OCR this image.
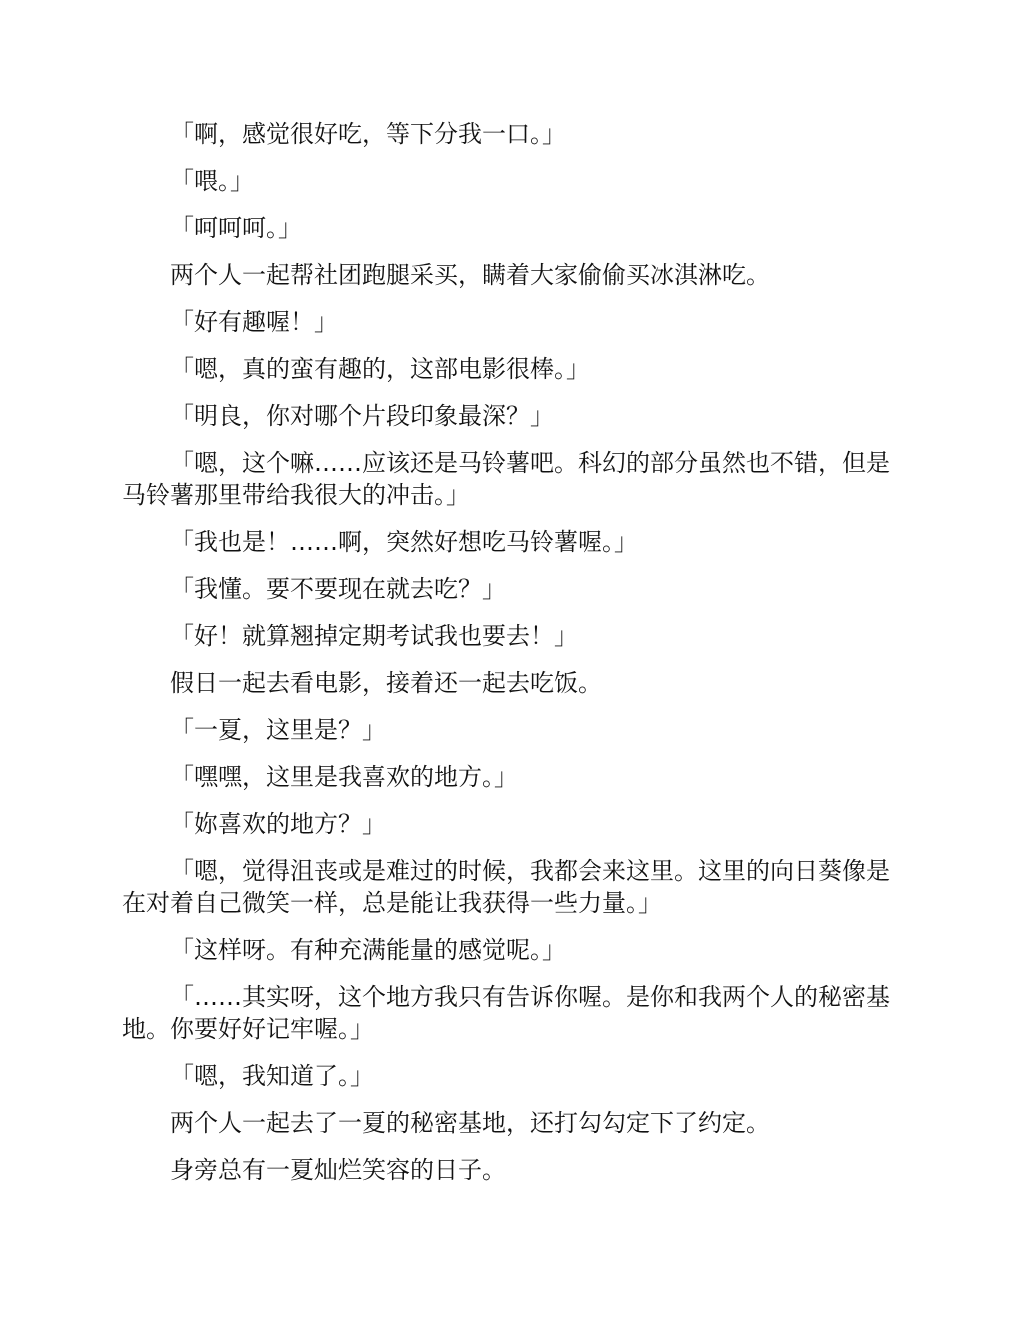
「啊，感觉很好吃，等下分我一口。」

「喂。」

「呵呵呵。」

两个人一起帮社团跑腿采买，瞒着大家偷偷买冰淇淋吃。

「好有趣喔！」

「嗯，真的蛮有趣的，这部电影很棒。」

「明良，你对哪个片段印象最深？」

「嗯，这个嘛……应该还是马铃薯吧。科幻的部分虽然也不错，但是马铃薯那里带给我很大的冲击。」

「我也是！……啊，突然好想吃马铃薯喔。」

「我懂。要不要现在就去吃？」

「好！就算翘掉定期考试我也要去！」

假日一起去看电影，接着还一起去吃饭。

「一夏，这里是？」

「嘿嘿，这里是我喜欢的地方。」

「妳喜欢的地方？」

「嗯，觉得沮丧或是难过的时候，我都会来这里。这里的向日葵像是在对着自己微笑一样，总是能让我获得一些力量。」

「这样呀。有种充满能量的感觉呢。」

「……其实呀，这个地方我只有告诉你喔。是你和我两个人的秘密基地。你要好好记牢喔。」

「嗯，我知道了。」

两个人一起去了一夏的秘密基地，还打勾勾定下了约定。

身旁总有一夏灿烂笑容的日子。
